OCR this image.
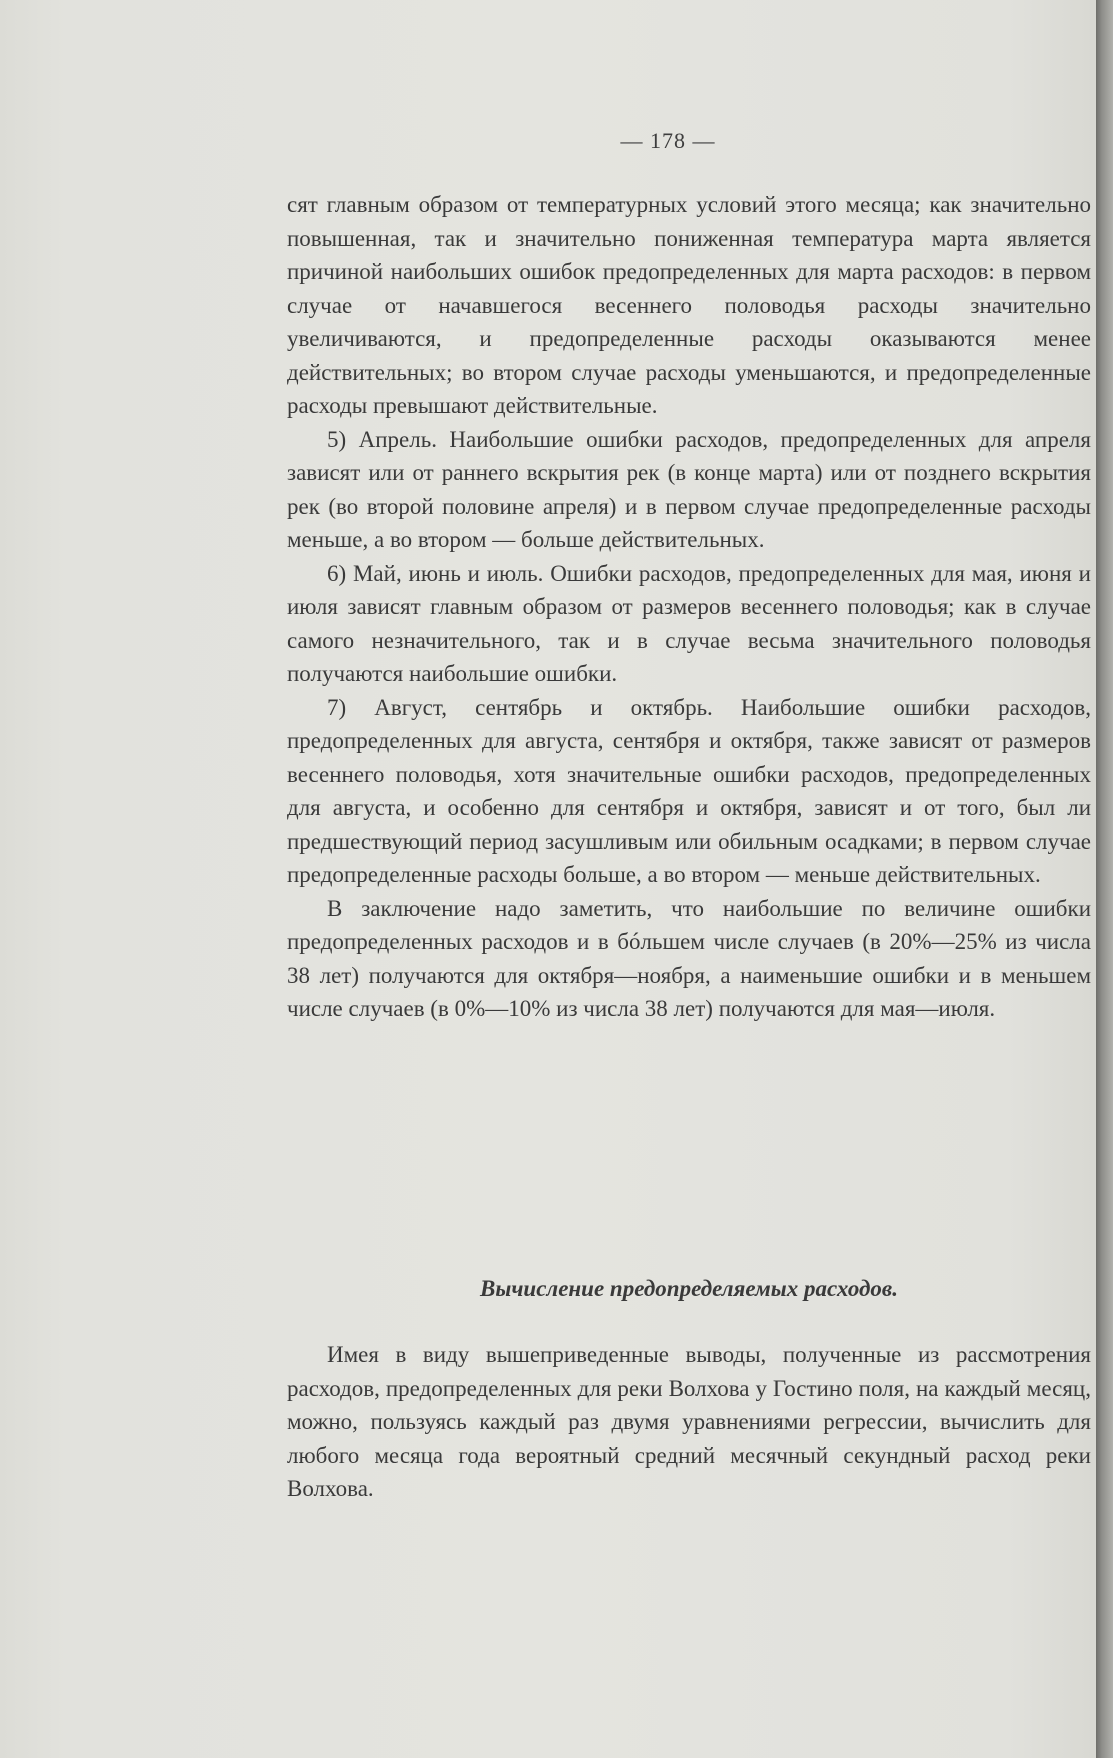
— 178 —

сят главным образом от температурных условий этого месяца; как значительно повышенная, так и значительно пониженная температура марта является причиной наибольших ошибок предопределенных для марта расходов: в первом случае от начавшегося весеннего половодья расходы значительно увеличиваются, и предопределенные расходы оказываются менее действительных; во втором случае расходы уменьшаются, и предопределенные расходы превышают действительные.

5) Апрель. Наибольшие ошибки расходов, предопределенных для апреля зависят или от раннего вскрытия рек (в конце марта) или от позднего вскрытия рек (во второй половине апреля) и в первом случае предопределенные расходы меньше, а во втором — больше действительных.

6) Май, июнь и июль. Ошибки расходов, предопределенных для мая, июня и июля зависят главным образом от размеров весеннего половодья; как в случае самого незначительного, так и в случае весьма значительного половодья получаются наибольшие ошибки.

7) Август, сентябрь и октябрь. Наибольшие ошибки расходов, предопределенных для августа, сентября и октября, также зависят от размеров весеннего половодья, хотя значительные ошибки расходов, предопределенных для августа, и особенно для сентября и октября, зависят и от того, был ли предшествующий период засушливым или обильным осадками; в первом случае предопределенные расходы больше, а во втором — меньше действительных.

В заключение надо заметить, что наибольшие по величине ошибки предопределенных расходов и в бóльшем числе случаев (в 20%—25% из числа 38 лет) получаются для октября—ноября, а наименьшие ошибки и в меньшем числе случаев (в 0%—10% из числа 38 лет) получаются для мая—июля.

Вычисление предопределяемых расходов.

Имея в виду вышеприведенные выводы, полученные из рассмотрения расходов, предопределенных для реки Волхова у Гостино поля, на каждый месяц, можно, пользуясь каждый раз двумя уравнениями регрессии, вычислить для любого месяца года вероятный средний месячный секундный расход реки Волхова.
